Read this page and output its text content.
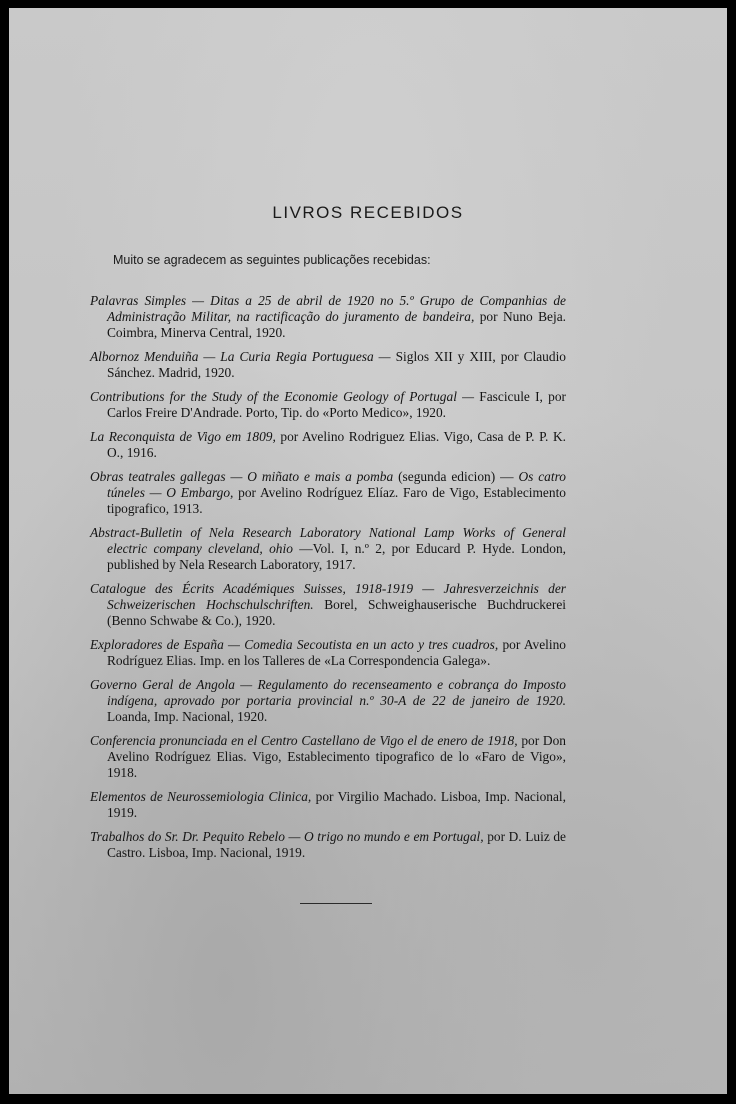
LIVROS RECEBIDOS
Muito se agradecem as seguintes publicações recebidas:

Palavras Simples — Ditas a 25 de abril de 1920 no 5.º Grupo de Companhias de Administração Militar, na ractificação do juramento de bandeira, por Nuno Beja. Coimbra, Minerva Central, 1920.

Albornoz Menduiña — La Curia Regia Portuguesa — Siglos XII y XIII, por Claudio Sánchez. Madrid, 1920.

Contributions for the Study of the Economie Geology of Portugal — Fascicule I, por Carlos Freire D'Andrade. Porto, Tip. do «Porto Medico», 1920.

La Reconquista de Vigo em 1809, por Avelino Rodriguez Elias. Vigo, Casa de P. P. K. O., 1916.

Obras teatrales gallegas — O miñato e mais a pomba (segunda edicion) — Os catro túneles — O Embargo, por Avelino Rodríguez Elíaz. Faro de Vigo, Establecimento tipografico, 1913.

Abstract-Bulletin of Nela Research Laboratory National Lamp Works of General electric company cleveland, ohio —Vol. I, n.º 2, por Educard P. Hyde. London, published by Nela Research Laboratory, 1917.

Catalogue des Écrits Académiques Suisses, 1918-1919 — Jahresverzeichnis der Schweizerischen Hochschulschriften. Borel, Schweighauserische Buchdruckerei (Benno Schwabe & Co.), 1920.

Exploradores de España — Comedia Secoutista en un acto y tres cuadros, por Avelino Rodríguez Elias. Imp. en los Talleres de «La Correspondencia Galega».

Governo Geral de Angola — Regulamento do recenseamento e cobrança do Imposto indígena, aprovado por portaria provincial n.º 30-A de 22 de janeiro de 1920. Loanda, Imp. Nacional, 1920.

Conferencia pronunciada en el Centro Castellano de Vigo el de enero de 1918, por Don Avelino Rodríguez Elias. Vigo, Establecimento tipografico de lo «Faro de Vigo», 1918.

Elementos de Neurossemiologia Clinica, por Virgilio Machado. Lisboa, Imp. Nacional, 1919.

Trabalhos do Sr. Dr. Pequito Rebelo — O trigo no mundo e em Portugal, por D. Luiz de Castro. Lisboa, Imp. Nacional, 1919.
